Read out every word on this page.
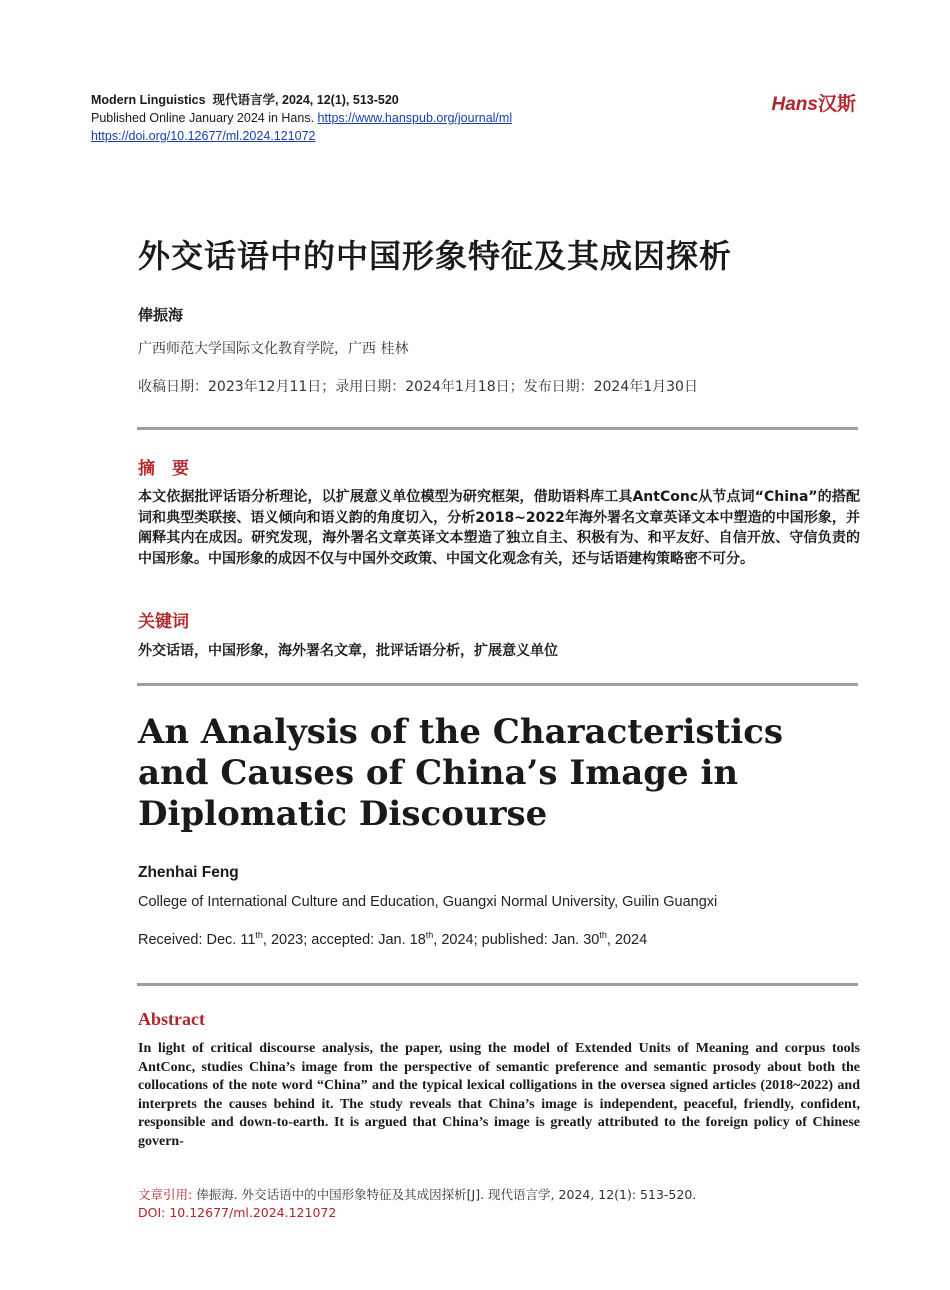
Modern Linguistics 现代语言学, 2024, 12(1), 513-520
Published Online January 2024 in Hans. https://www.hanspub.org/journal/ml
https://doi.org/10.12677/ml.2024.121072
Hans汉斯
外交话语中的中国形象特征及其成因探析
俸振海
广西师范大学国际文化教育学院，广西 桂林
收稿日期：2023年12月11日；录用日期：2024年1月18日；发布日期：2024年1月30日
摘　要
本文依据批评话语分析理论，以扩展意义单位模型为研究框架，借助语料库工具AntConc从节点词“China”的搭配词和典型类联接、语义倾向和语义韵的角度切入，分析2018~2022年海外署名文章英译文本中塑造的中国形象，并阐释其内在成因。研究发现，海外署名文章英译文本塑造了独立自主、积极有为、和平友好、自信开放、守信负责的中国形象。中国形象的成因不仅与中国外交政策、中国文化观念有关，还与话语建构策略密不可分。
关键词
外交话语，中国形象，海外署名文章，批评话语分析，扩展意义单位
An Analysis of the Characteristics and Causes of China’s Image in Diplomatic Discourse
Zhenhai Feng
College of International Culture and Education, Guangxi Normal University, Guilin Guangxi
Received: Dec. 11th, 2023; accepted: Jan. 18th, 2024; published: Jan. 30th, 2024
Abstract
In light of critical discourse analysis, the paper, using the model of Extended Units of Meaning and corpus tools AntConc, studies China’s image from the perspective of semantic preference and semantic prosody about both the collocations of the note word “China” and the typical lexical colligations in the oversea signed articles (2018~2022) and interprets the causes behind it. The study reveals that China’s image is independent, peaceful, friendly, confident, responsible and down-to-earth. It is argued that China’s image is greatly attributed to the foreign policy of Chinese govern-
文章引用: 俸振海. 外交话语中的中国形象特征及其成因探析[J]. 现代语言学, 2024, 12(1): 513-520.
DOI: 10.12677/ml.2024.121072
